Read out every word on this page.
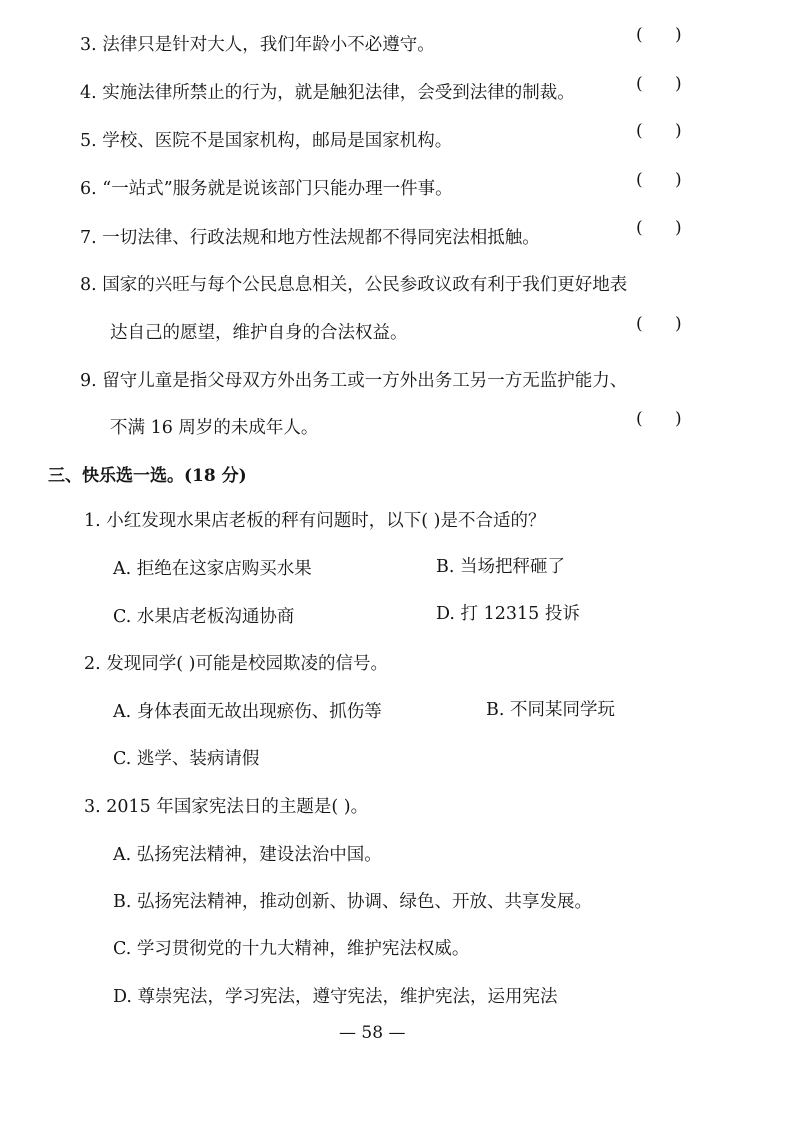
3. 法律只是针对大人，我们年龄小不必遵守。	(      )
4. 实施法律所禁止的行为，就是触犯法律，会受到法律的制裁。	(      )
5. 学校、医院不是国家机构，邮局是国家机构。	(      )
6. “一站式”服务就是说该部门只能办理一件事。	(      )
7. 一切法律、行政法规和地方性法规都不得同宪法相抵触。	(      )
8. 国家的兴旺与每个公民息息相关，公民参政议政有利于我们更好地表
达自己的愿望，维护自身的合法权益。	(      )
9. 留守儿童是指父母双方外出务工或一方外出务工另一方无监护能力、
不满 16 周岁的未成年人。	(      )
三、快乐选一选。(18 分)
1. 小红发现水果店老板的秤有问题时，以下( )是不合适的？
A. 拒绝在这家店购买水果	B. 当场把秤砸了
C. 水果店老板沟通协商	D. 打 12315 投诉
2. 发现同学( )可能是校园欺凌的信号。
A. 身体表面无故出现瘀伤、抓伤等	B. 不同某同学玩
C. 逃学、装病请假
3. 2015 年国家宪法日的主题是( )。
A. 弘扬宪法精神，建设法治中国。
B. 弘扬宪法精神，推动创新、协调、绿色、开放、共享发展。
C. 学习贯彻党的十九大精神，维护宪法权威。
D. 尊崇宪法，学习宪法，遵守宪法，维护宪法，运用宪法
— 58 —
